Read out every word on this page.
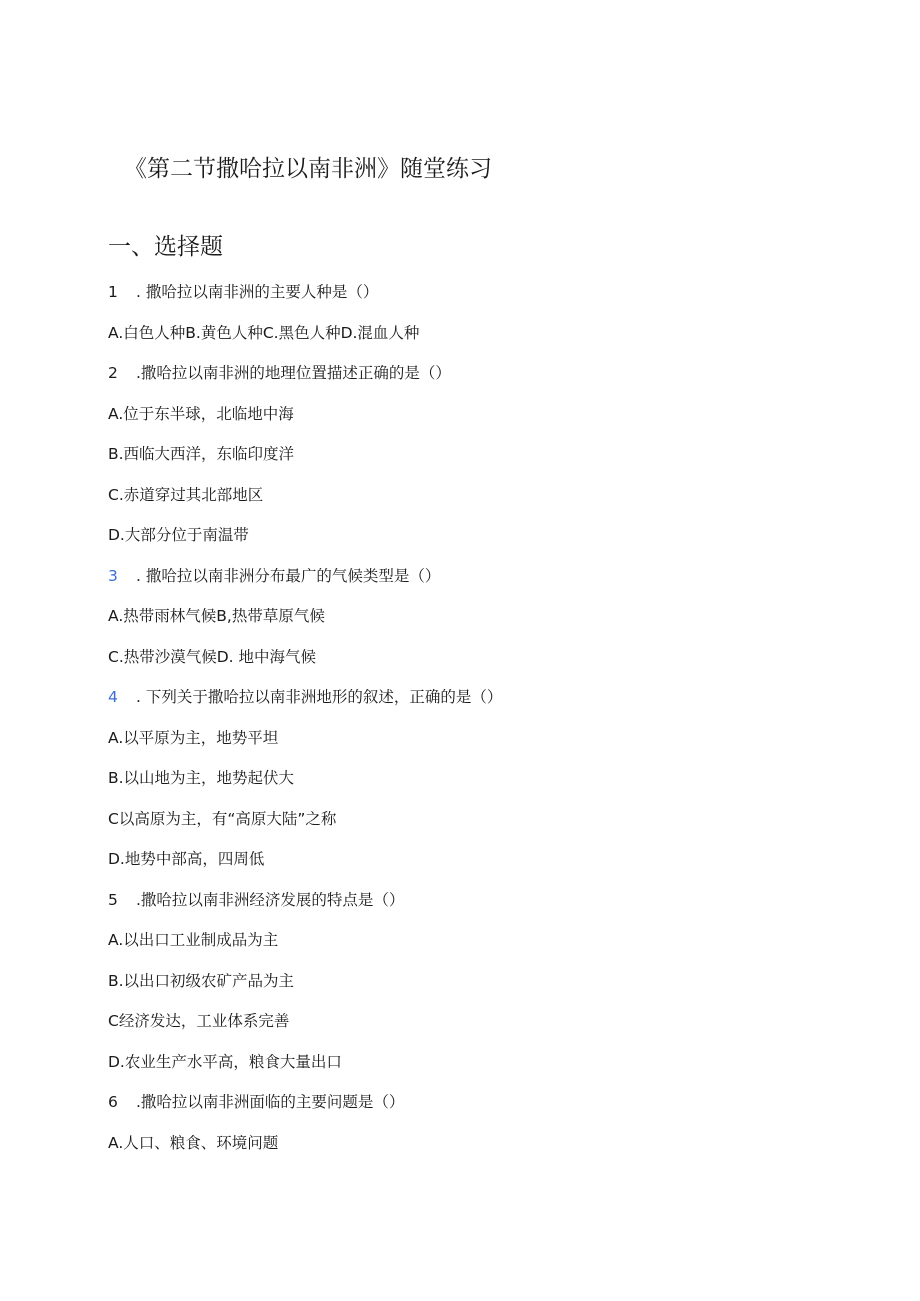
《第二节撒哈拉以南非洲》随堂练习
一、选择题
1 . 撒哈拉以南非洲的主要人种是（）
A.白色人种B.黄色人种C.黑色人种D.混血人种
2 .撒哈拉以南非洲的地理位置描述正确的是（）
A.位于东半球，北临地中海
B.西临大西洋，东临印度洋
C.赤道穿过其北部地区
D.大部分位于南温带
3 . 撒哈拉以南非洲分布最广的气候类型是（）
A.热带雨林气候B,热带草原气候
C.热带沙漠气候D. 地中海气候
4 . 下列关于撒哈拉以南非洲地形的叙述，正确的是（）
A.以平原为主，地势平坦
B.以山地为主，地势起伏大
C以高原为主，有“高原大陆”之称
D.地势中部高，四周低
5 .撒哈拉以南非洲经济发展的特点是（）
A.以出口工业制成品为主
B.以出口初级农矿产品为主
C经济发达，工业体系完善
D.农业生产水平高，粮食大量出口
6 .撒哈拉以南非洲面临的主要问题是（）
A.人口、粮食、环境问题
